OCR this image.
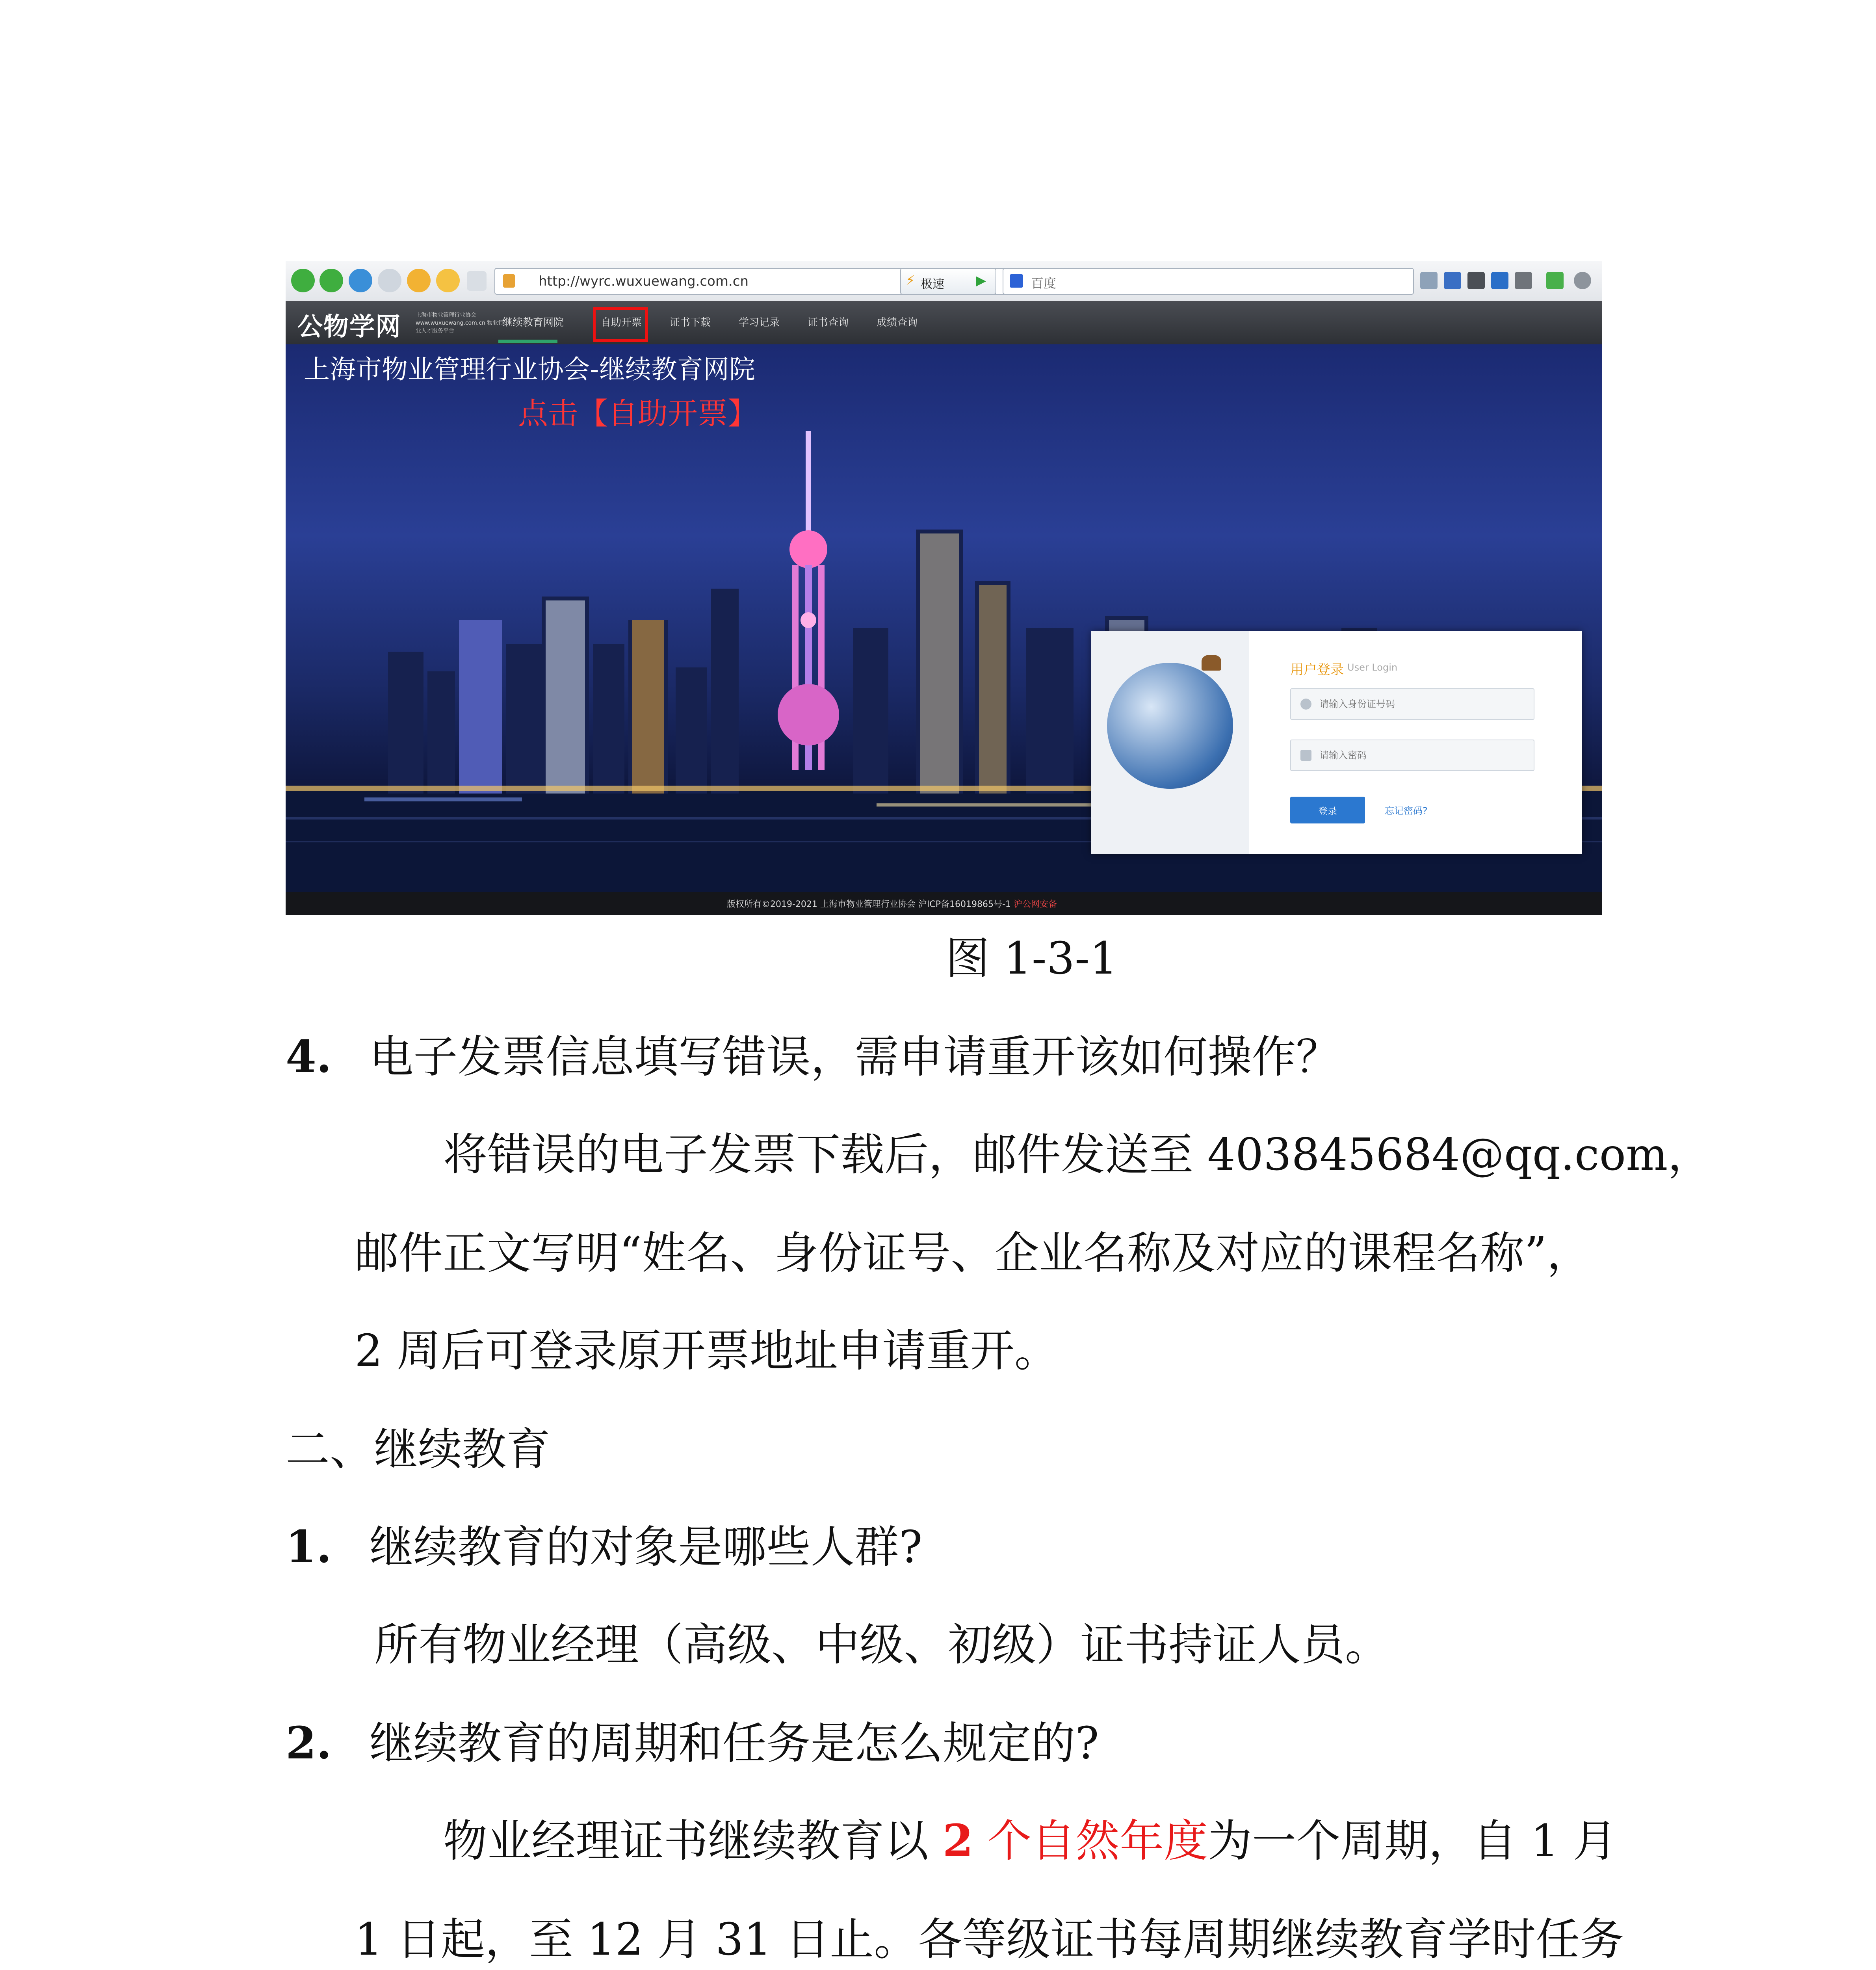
http://wyrc.wuxuewang.com.cn	⚡ 极速 ▶	百度
公物学网	上海市物业管理行业协会 www.wuxuewang.com.cn 物业行业人才服务平台
继续教育网院	自助开票	证书下载	学习记录	证书查询	成绩查询
上海市物业管理行业协会-继续教育网院
点击【自助开票】
用户登录 User Login
请输入身份证号码
请输入密码
登录	忘记密码?
版权所有©2019-2021 上海市物业管理行业协会 沪ICP备16019865号-1 沪公网安备
图 1-3-1
4. 电子发票信息填写错误，需申请重开该如何操作？
将错误的电子发票下载后，邮件发送至 403845684@qq.com，
邮件正文写明“姓名、身份证号、企业名称及对应的课程名称”，
2 周后可登录原开票地址申请重开。
二、继续教育
1. 继续教育的对象是哪些人群?
所有物业经理（高级、中级、初级）证书持证人员。
2. 继续教育的周期和任务是怎么规定的?
物业经理证书继续教育以 2 个自然年度为一个周期，自 1 月
1 日起，至 12 月 31 日止。各等级证书每周期继续教育学时任务
